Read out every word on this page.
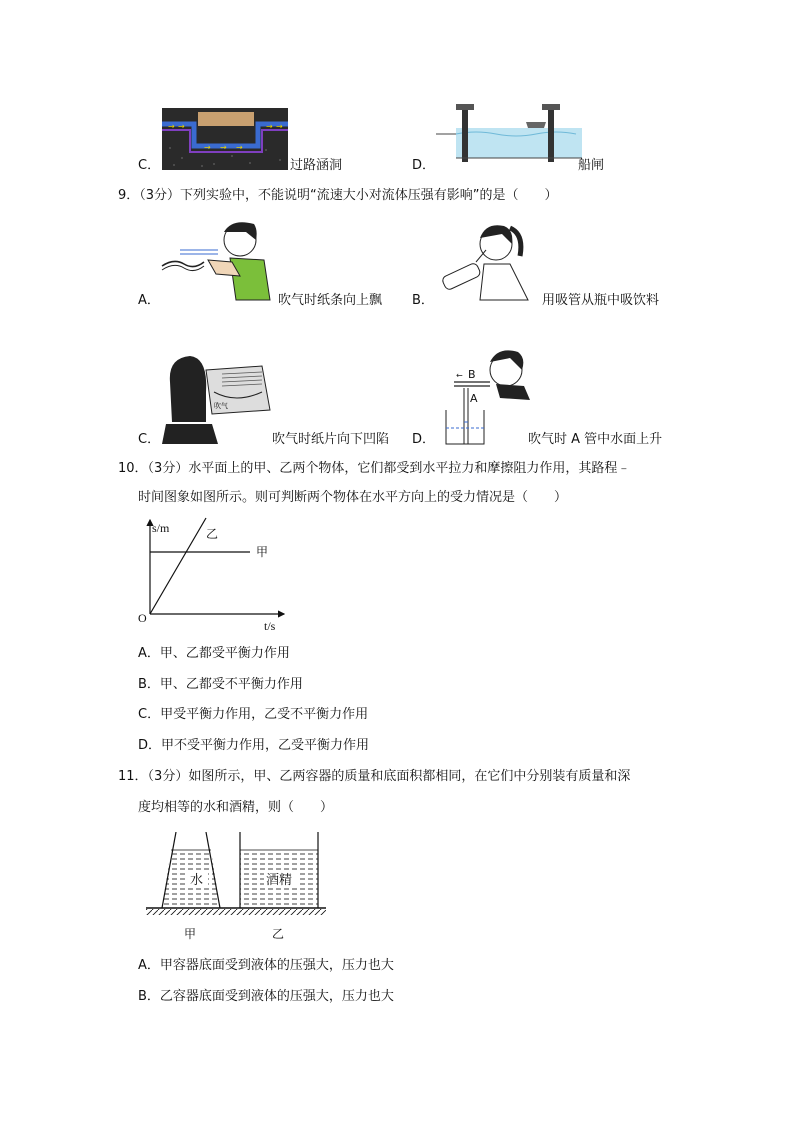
→ →
→ → →
→ →
C．	过路涵洞	D．	船闸
9．（3分）下列实验中，不能说明“流速大小对流体压强有影响”的是（　　）
A．	吹气时纸条向上飘 B．	用吸管从瓶中吸饮料
吹气
C．	吹气时纸片向下凹陷
← B
A
D．	吹气时 A 管中水面上升
10．（3分）水平面上的甲、乙两个物体，它们都受到水平拉力和摩擦阻力作用，其路程﹣
时间图象如图所示。则可判断两个物体在水平方向上的受力情况是（　　）
s/m
t/s
O
甲
乙
A．甲、乙都受平衡力作用
B．甲、乙都受不平衡力作用
C．甲受平衡力作用，乙受不平衡力作用
D．甲不受平衡力作用，乙受平衡力作用
11．（3分）如图所示，甲、乙两容器的质量和底面积都相同，在它们中分别装有质量和深
度均相等的水和酒精，则（　　）
水	酒精
甲	乙
A．甲容器底面受到液体的压强大，压力也大
B．乙容器底面受到液体的压强大，压力也大
